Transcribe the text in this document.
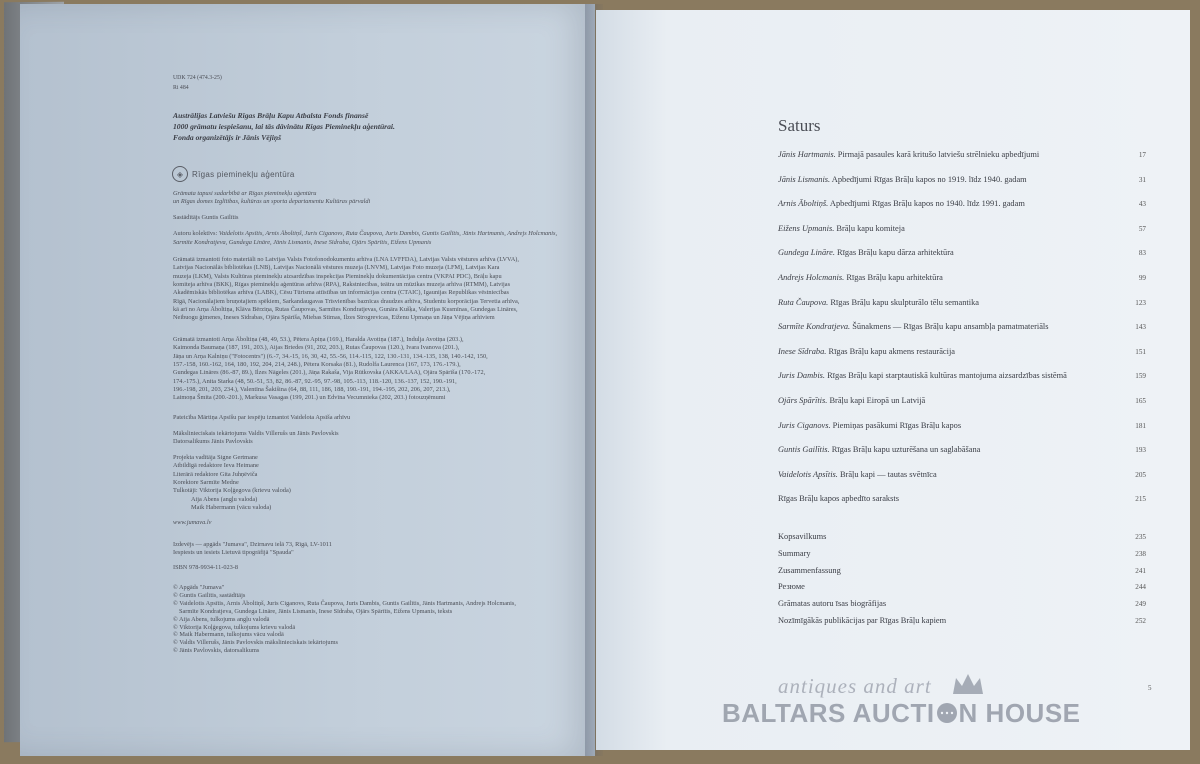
UDK 724 (474.3-25)
Ri 484
Austrālijas Latviešu Rīgas Brāļu Kapu Atbalsta Fonds finansē
1000 grāmatu iespiešanu, lai tās dāvinātu Rīgas Pieminekļu aģentūrai.
Fonda organizētājs ir Jānis Vējiņš
◈	Rīgas pieminekļu aģentūra
Grāmata tapusi sadarbībā ar Rīgas pieminekļu aģentūru
un Rīgas domes Izglītības, kultūras un sporta departamentu Kultūras pārvaldi
Sastādītājs Guntis Gailītis
Autoru kolektīvs: Vaidelotis Apsītis, Arnis Āboltiņš, Juris Ciganovs, Ruta Čaupova, Juris Dambis, Guntis Gailītis, Jānis Hartmanis, Andrejs Holcmanis,
Sarmīte Kondratjeva, Gundega Lināre, Jānis Lismanis, Inese Sīdraba, Ojārs Spārītis, Eižens Upmanis
Grāmatā izmantoti foto materiāli no Latvijas Valsts Fotofonodokumentu arhīva (LNA LVFFDA), Latvijas Valsts vēstures arhīva (LVVA),
Latvijas Nacionālās bibliotēkas (LNB), Latvijas Nacionālā vēstures muzeja (LNVM), Latvijas Foto muzeja (LFM), Latvijas Kara
muzeja (LKM), Valsts Kultūras pieminekļu aizsardzības inspekcijas Pieminekļu dokumentācijas centra (VKPAI PDC), Brāļu kapu
komiteja arhīva (BKK), Rīgas pieminekļu aģentūras arhīva (RPA), Rakstniecības, teātra un mūzikas muzeja arhīva (RTMM), Latvijas
Akadēmiskās bibliotēkas arhīva (LABK), Cēsu Tūrisma attīstības un informācijas centra (CTAIC), Igaunijas Republikas vēstniecības
Rīgā, Nacionālajiem bruņotajiem spēkiem, Sarkandaugavas Trīsvienības baznīcas draudzes arhīva, Studentu korporācijas Tervetia arhīva,
kā arī no Arņa Āboltiņa, Klāva Bērziņa, Rutas Čaupovas, Sarmītes Kondratjevas, Gunāra Kušķa, Valerijas Kusmīnas, Gundegas Lināres,
Neibuogu ģimenes, Ineses Sīdrabas, Ojāra Spārīša, Miebas Stimas, Ilzes Strogrevicas, Eiženu Upmaņa un Jāņa Vējiņa arhīviem
Grāmatā izmantoti Arņa Āboltiņa (48, 49, 53.), Pētera Apiņa (169.), Haralda Avotiņa (187.), Indulja Avotiņa (203.),
Kaimonda Baumaņa (187, 191, 203.), Aijas Briedes (91, 202, 203.), Rutas Čaupovas (120.), Ivara Ivanova (201.),
Jāņa un Arņa Kalniņu ("Fotocentrs") (6.-7, 34.-15, 16, 30, 42, 55.-56, 114.-115, 122, 130.-131, 134.-135, 138, 140.-142, 150,
157.-158, 160.-162, 164, 180, 192, 204, 214, 248.), Pētera Korsaka (81.), Rudolfa Laurenca (167, 173, 176.-179.),
Gundegas Lināres (86.-87, 89.), Ilzes Nāgeles (201.), Jāņa Rakaša, Vija Rūtkovska (AKKA/LAA), Ojāra Spārīša (170.-172,
174.-175.), Anita Starka (48, 50.-51, 53, 82, 86.-87, 92.-95, 97.-98, 105.-113, 118.-120, 136.-137, 152, 190.-191,
196.-198, 201, 203, 234.), Valentīna Šakišina (64, 88, 111, 186, 188, 190.-191, 194.-195, 202, 206, 207, 213.),
Laimoņa Šmita (200.-201.), Markusa Vasagas (199, 201.) un Edvīna Vecumnieka (202, 203.) fotouzņēmumi
Pateicība Mārtiņa Apsīšu par iespēju izmantot Vaidelota Apsīša arhīvu
Mākslinieciskais iekārtojums Valdis Villerušs un Jānis Pavlovskis
Datorsalikums Jānis Pavlovskis
Projekta vadītāja Signe Gertmane
Atbildīgā redaktore Ieva Heimane
Literārā redaktore Gita Juhņēviča
Korektore Sarmīte Medne
Tulkotāji: Viktorija Koļģegova (krievu valoda)
Aija Abens (angļu valoda)
Maik Habermann (vācu valoda)
www.jumava.lv
Izdevējs — apgāds "Jumava", Dzirnavu ielā 73, Rīgā, LV-1011
Iespiests un iesiets Lietuvā tipogrāfijā "Spauda"
ISBN 978-9934-11-023-8
© Apgāds "Jumava"
© Guntis Gailītis, sastādītājs
© Vaidelotis Apsītis, Arnis Āboltiņš, Juris Ciganovs, Ruta Čaupova, Juris Dambis, Guntis Gailītis, Jānis Hartmanis, Andrejs Holcmanis,
Sarmīte Kondratjeva, Gundega Lināre, Jānis Lismanis, Inese Sīdraba, Ojārs Spārītis, Eižens Upmanis, teksts
© Aija Abens, tulkojums angļu valodā
© Viktorija Koļģegova, tulkojums krievu valodā
© Maik Habermann, tulkojums vācu valodā
© Valdis Villerušs, Jānis Pavlovskis mākslinieciskais iekārtojums
© Jānis Pavlovskis, datorsalikums
Saturs
Jānis Hartmanis. Pirmajā pasaules karā kritušo latviešu strēlnieku apbedījumi	17
Jānis Lismanis. Apbedījumi Rīgas Brāļu kapos no 1919. līdz 1940. gadam	31
Arnis Āboltiņš. Apbedījumi Rīgas Brāļu kapos no 1940. līdz 1991. gadam	43
Eižens Upmanis. Brāļu kapu komiteja	57
Gundega Lināre. Rīgas Brāļu kapu dārza arhitektūra	83
Andrejs Holcmanis. Rīgas Brāļu kapu arhitektūra	99
Ruta Čaupova. Rīgas Brāļu kapu skulpturālo tēlu semantika	123
Sarmīte Kondratjeva. Šūnakmens — Rīgas Brāļu kapu ansambļa pamatmateriāls	143
Inese Sīdraba. Rīgas Brāļu kapu akmens restaurācija	151
Juris Dambis. Rīgas Brāļu kapi starptautiskā kultūras mantojuma aizsardzības sistēmā	159
Ojārs Spārītis. Brāļu kapi Eiropā un Latvijā	165
Juris Ciganovs. Piemiņas pasākumi Rīgas Brāļu kapos	181
Guntis Gailītis. Rīgas Brāļu kapu uzturēšana un saglabāšana	193
Vaidelotis Apsītis. Brāļu kapi — tautas svētnīca	205
Rīgas Brāļu kapos apbedīto saraksts	215
Kopsavilkums	235
Summary	238
Zusammenfassung	241
Резюме	244
Grāmatas autoru īsas biogrāfijas	249
Nozīmīgākās publikācijas par Rīgas Brāļu kapiem	252
5
antiques and art
BALTARS AUCTI N HOUSE
